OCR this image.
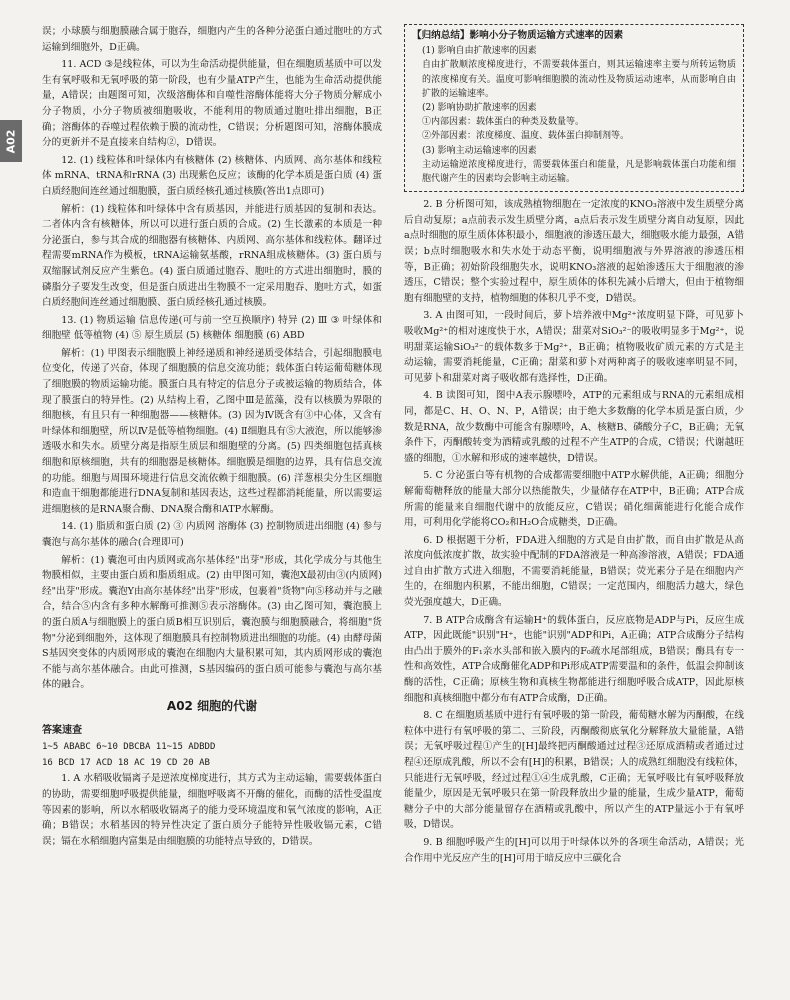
A02

误；小球膜与细胞膜融合属于胞吞，细胞内产生的各种分泌蛋白通过胞吐的方式运输到细胞外，D正确。

11. ACD ③是线粒体，可以为生命活动提供能量，但在细胞质基质中可以发生有氧呼吸和无氧呼吸的第一阶段，也有少量ATP产生，也能为生命活动提供能量，A错误；由题图可知，次级溶酶体和自噬性溶酶体能将大分子物质分解成小分子物质，小分子物质被细胞吸收，不能利用的物质通过胞吐排出细胞，B正确；溶酶体的吞噬过程依赖于膜的流动性，C错误；分析题图可知，溶酶体膜成分的更新并不是直接来自结构②，D错误。

12. (1) 线粒体和叶绿体内有核糖体 (2) 核糖体、内质网、高尔基体和线粒体 mRNA、tRNA和rRNA (3) 出现紫色反应；该酶的化学本质是蛋白质 (4) 蛋白质经胞间连丝通过细胞膜，蛋白质经核孔通过核膜(答出1点即可)

解析：(1) 线粒体和叶绿体中含有质基因，并能进行质基因的复制和表达。二者体内含有核糖体，所以可以进行蛋白质的合成。(2) 生长激素的本质是一种分泌蛋白，参与其合成的细胞器有核糖体、内质网、高尔基体和线粒体。翻译过程需要mRNA作为模板，tRNA运输氨基酸，rRNA组成核糖体。(3) 蛋白质与双缩脲试剂反应产生紫色。(4) 蛋白质通过胞吞、胞吐的方式进出细胞时，膜的磷脂分子要发生改变，但是蛋白质进出生物膜不一定采用胞吞、胞吐方式，如蛋白质经胞间连丝通过细胞膜、蛋白质经核孔通过核膜。

13. (1) 物质运输 信息传递(可与前一空互换顺序) 特异 (2) Ⅲ ③ 叶绿体和细胞壁 低等植物 (4) ⑤ 原生质层 (5) 核糖体 细胞膜 (6) ABD

解析：(1) 甲图表示细胞膜上神经递质和神经递质受体结合，引起细胞膜电位变化，传递了兴奋，体现了细胞膜的信息交流功能；载体蛋白转运葡萄糖体现了细胞膜的物质运输功能。膜蛋白具有特定的信息分子或被运输的物质结合，体现了膜蛋白的特异性。(2) 从结构上看，乙图中Ⅲ是蓝藻，没有以核膜为界限的细胞核，有且只有一种细胞器——核糖体。(3) 因为Ⅳ既含有③中心体，又含有叶绿体和细胞壁，所以Ⅳ是低等植物细胞。(4) Ⅱ细胞具有⑤大液泡，所以能够渗透吸水和失水。质壁分离是指原生质层和细胞壁的分离。(5) 四类细胞包括真核细胞和原核细胞，共有的细胞器是核糖体。细胞膜是细胞的边界，具有信息交流的功能。细胞与周围环境进行信息交流依赖于细胞膜。(6) 洋葱根尖分生区细胞和造血干细胞都能进行DNA复制和基因表达，这些过程都消耗能量，所以需要运进细胞核的是RNA聚合酶、DNA聚合酶和ATP水解酶。

14. (1) 脂质和蛋白质 (2) ③ 内质网 溶酶体 (3) 控制物质进出细胞 (4) 参与囊泡与高尔基体的融合(合理即可)

解析：(1) 囊泡可由内质网或高尔基体经"出芽"形成，其化学成分与其他生物膜相似，主要由蛋白质和脂质组成。(2) 由甲图可知，囊泡X最初由③(内质网)经"出芽"形成。囊泡Y由高尔基体经"出芽"形成，包裹着"货物"向⑤移动并与之融合，结合⑤内含有多种水解酶可推测⑤表示溶酶体。(3) 由乙图可知，囊泡膜上的蛋白质A与细胞膜上的蛋白质B相互识别后，囊泡膜与细胞膜融合，将细胞"货物"分泌到细胞外，这体现了细胞膜具有控制物质进出细胞的功能。(4) 由酵母菌S基因突变体的内质网形成的囊泡在细胞内大量积累可知，其内质网形成的囊泡不能与高尔基体融合。由此可推测，S基因编码的蛋白质可能参与囊泡与高尔基体的融合。

A02 细胞的代谢
答案速查
1~5 ABABC 6~10 DBCBA 11~15 ADBDD
16 BCD 17 ACD 18 AC 19 CD 20 AB

1. A 水稻吸收镉离子是逆浓度梯度进行，其方式为主动运输，需要载体蛋白的协助，需要细胞呼吸提供能量，细胞呼吸离不开酶的催化，而酶的活性受温度等因素的影响，所以水稻吸收镉离子的能力受环境温度和氧气浓度的影响，A正确；B错误；水稻基因的特异性决定了蛋白质分子能特异性吸收镉元素，C错误；镉在水稻细胞内富集是由细胞膜的功能特点导致的，D错误。

【归纳总结】影响小分子物质运输方式速率的因素

(1) 影响自由扩散速率的因素

自由扩散顺浓度梯度进行，不需要载体蛋白，则其运输速率主要与所转运物质的浓度梯度有关。温度可影响细胞膜的流动性及物质运动速率，从而影响自由扩散的运输速率。

(2) 影响协助扩散速率的因素

①内部因素：载体蛋白的种类及数量等。

②外部因素：浓度梯度、温度、载体蛋白抑制剂等。

(3) 影响主动运输速率的因素

主动运输逆浓度梯度进行，需要载体蛋白和能量，凡是影响载体蛋白功能和细胞代谢产生的因素均会影响主动运输。

2. B 分析图可知，该成熟植物细胞在一定浓度的KNO₃溶液中发生质壁分离后自动复原；a点前表示发生质壁分离，a点后表示发生质壁分离自动复原，因此a点时细胞的原生质体体积最小，细胞液的渗透压最大，细胞吸水能力最强，A错误；b点时细胞吸水和失水处于动态平衡，说明细胞液与外界溶液的渗透压相等，B正确；初始阶段细胞失水，说明KNO₃溶液的起始渗透压大于细胞液的渗透压，C错误；整个实验过程中，原生质体的体积先减小后增大，但由于植物细胞有细胞壁的支持，植物细胞的体积几乎不变，D错误。

3. A 由图可知，一段时间后，萝卜培养液中Mg²⁺浓度明显下降，可见萝卜吸收Mg²⁺的相对速度快于水，A错误；甜菜对SiO₃²⁻的吸收明显多于Mg²⁺，说明甜菜运输SiO₃²⁻的载体数多于Mg²⁺，B正确；植物吸收矿质元素的方式是主动运输，需要消耗能量，C正确；甜菜和萝卜对两种离子的吸收速率明显不同，可见萝卜和甜菜对离子吸收都有选择性，D正确。

4. B 读图可知，图中A表示腺嘌呤，ATP的元素组成与RNA的元素组成相同，都是C、H、O、N、P，A错误；由于绝大多数酶的化学本质是蛋白质，少数是RNA，故少数酶中可能含有腺嘌呤，A、核糖B、磷酸分子C，B正确；无氧条件下，丙酮酸转变为酒精或乳酸的过程不产生ATP的合成，C错误；代谢越旺盛的细胞，①水解和形成的速率越快，D错误。

5. C 分泌蛋白等有机物的合成都需要细胞中ATP水解供能，A正确；细胞分解葡萄糖释放的能量大部分以热能散失，少量储存在ATP中，B正确；ATP合成所需的能量来自细胞代谢中的放能反应，C错误；硝化细菌能进行化能合成作用，可利用化学能将CO₂和H₂O合成糖类，D正确。

6. D 根据题干分析，FDA进入细胞的方式是自由扩散，而自由扩散是从高浓度向低浓度扩散，故实验中配制的FDA溶液是一种高渗溶液，A错误；FDA通过自由扩散方式进入细胞，不需要消耗能量，B错误；荧光素分子是在细胞内产生的，在细胞内积累，不能出细胞，C错误；一定范围内，细胞活力越大，绿色荧光强度越大，D正确。

7. B ATP合成酶含有运输H⁺的载体蛋白，反应底物是ADP与Pi，反应生成ATP，因此既能"识别"H⁺，也能"识别"ADP和Pi，A正确；ATP合成酶分子结构由凸出于膜外的F₁亲水头部和嵌入膜内的F₀疏水尾部组成，B错误；酶具有专一性和高效性，ATP合成酶催化ADP和Pi形成ATP需要温和的条件，低温会抑制该酶的活性，C正确；原核生物和真核生物都能进行细胞呼吸合成ATP，因此原核细胞和真核细胞中都分布有ATP合成酶，D正确。

8. C 在细胞质基质中进行有氧呼吸的第一阶段，葡萄糖水解为丙酮酸，在线粒体中进行有氧呼吸的第二、三阶段，丙酮酸彻底氧化分解释放大量能量，A错误；无氧呼吸过程①产生的[H]最终把丙酮酸通过过程③还原成酒精或者通过过程④还原成乳酸，所以不会有[H]的积累，B错误；人的成熟红细胞没有线粒体，只能进行无氧呼吸，经过过程①④生成乳酸，C正确；无氧呼吸比有氧呼吸释放能量少，原因是无氧呼吸只在第一阶段释放出少量的能量，生成少量ATP，葡萄糖分子中的大部分能量留存在酒精或乳酸中，所以产生的ATP量远小于有氧呼吸，D错误。

9. B 细胞呼吸产生的[H]可以用于叶绿体以外的各项生命活动，A错误；光合作用中光反应产生的[H]可用于暗反应中三碳化合
